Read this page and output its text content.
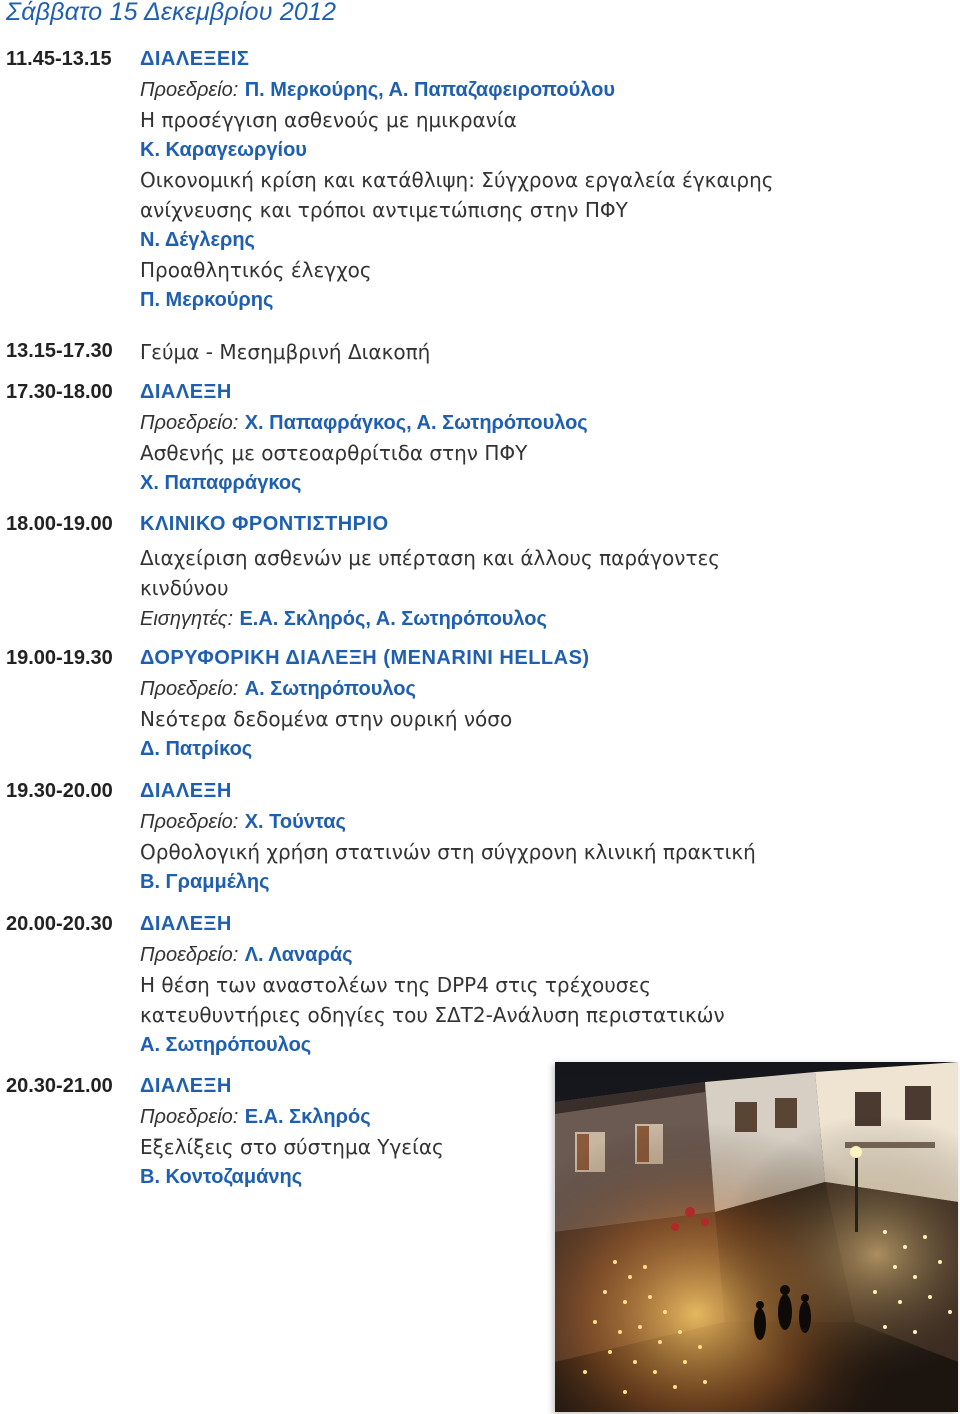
Σάββατο 15 Δεκεμβρίου 2012
11.45-13.15 ΔΙΑΛΕΞΕΙΣ
Προεδρείο: Π. Μερκούρης, Α. Παπαζαφειροπούλου
Η προσέγγιση ασθενούς με ημικρανία
Κ. Καραγεωργίου
Οικονομική κρίση και κατάθλιψη: Σύγχρονα εργαλεία έγκαιρης
ανίχνευσης και τρόποι αντιμετώπισης στην ΠΦΥ
Ν. Δέγλερης
Προαθλητικός έλεγχος
Π. Μερκούρης
13.15-17.30 Γεύμα - Μεσημβρινή Διακοπή
17.30-18.00 ΔΙΑΛΕΞΗ
Προεδρείο: Χ. Παπαφράγκος, Α. Σωτηρόπουλος
Ασθενής με οστεοαρθρίτιδα στην ΠΦΥ
Χ. Παπαφράγκος
18.00-19.00 ΚΛΙΝΙΚΟ ΦΡΟΝΤΙΣΤΗΡΙΟ
Διαχείριση ασθενών με υπέρταση και άλλους παράγοντες
κινδύνου
Εισηγητές: Ε.Α. Σκληρός, Α. Σωτηρόπουλος
19.00-19.30 ΔΟΡΥΦΟΡΙΚΗ ΔΙΑΛΕΞΗ (MENARINI HELLAS)
Προεδρείο: Α. Σωτηρόπουλος
Νεότερα δεδομένα στην ουρική νόσο
Δ. Πατρίκος
19.30-20.00 ΔΙΑΛΕΞΗ
Προεδρείο: Χ. Τούντας
Ορθολογική χρήση στατινών στη σύγχρονη κλινική πρακτική
Β. Γραμμέλης
20.00-20.30 ΔΙΑΛΕΞΗ
Προεδρείο: Λ. Λαναράς
Η θέση των αναστολέων της DPP4 στις τρέχουσες
κατευθυντήριες οδηγίες του ΣΔΤ2-Ανάλυση περιστατικών
Α. Σωτηρόπουλος
20.30-21.00 ΔΙΑΛΕΞΗ
Προεδρείο: Ε.Α. Σκληρός
Εξελίξεις στο σύστημα Υγείας
Β. Κοντοζαμάνης
